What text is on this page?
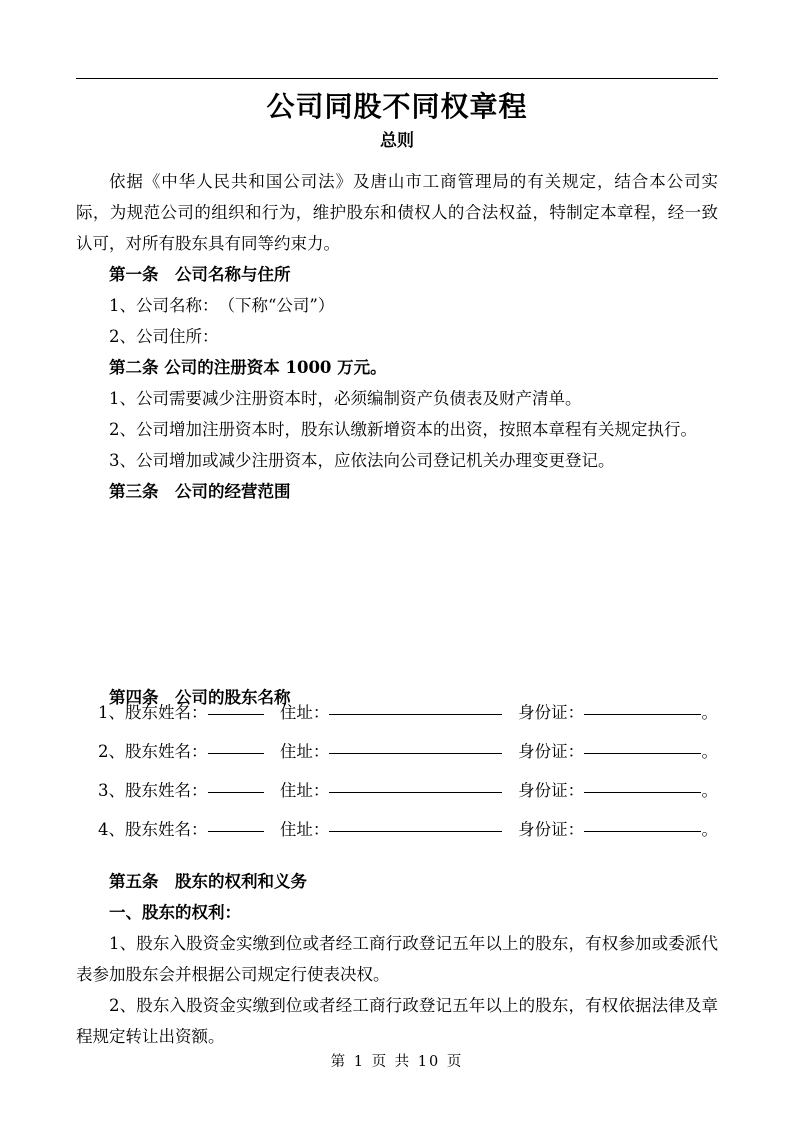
公司同股不同权章程
总则

依据《中华人民共和国公司法》及唐山市工商管理局的有关规定，结合本公司实际，为规范公司的组织和行为，维护股东和债权人的合法权益，特制定本章程，经一致认可，对所有股东具有同等约束力。

第一条　公司名称与住所

1、公司名称：　（下称“公司”）

2、公司住所：

第二条 公司的注册资本 1000 万元。

1、公司需要减少注册资本时，必须编制资产负债表及财产清单。

2、公司增加注册资本时，股东认缴新增资本的出资，按照本章程有关规定执行。

3、公司增加或减少注册资本，应依法向公司登记机关办理变更登记。

第三条　公司的经营范围

第四条　公司的股东名称

1、 股东姓名：	住址：	身份证：	。
2、 股东姓名：	住址：	身份证：	。
3、 股东姓名：	住址：	身份证：	。
4、 股东姓名：	住址：	身份证：	。

第五条　股东的权利和义务

一、股东的权利：

1、股东入股资金实缴到位或者经工商行政登记五年以上的股东，有权参加或委派代表参加股东会并根据公司规定行使表决权。

2、股东入股资金实缴到位或者经工商行政登记五年以上的股东，有权依据法律及章程规定转让出资额。

第 1 页 共 10 页
